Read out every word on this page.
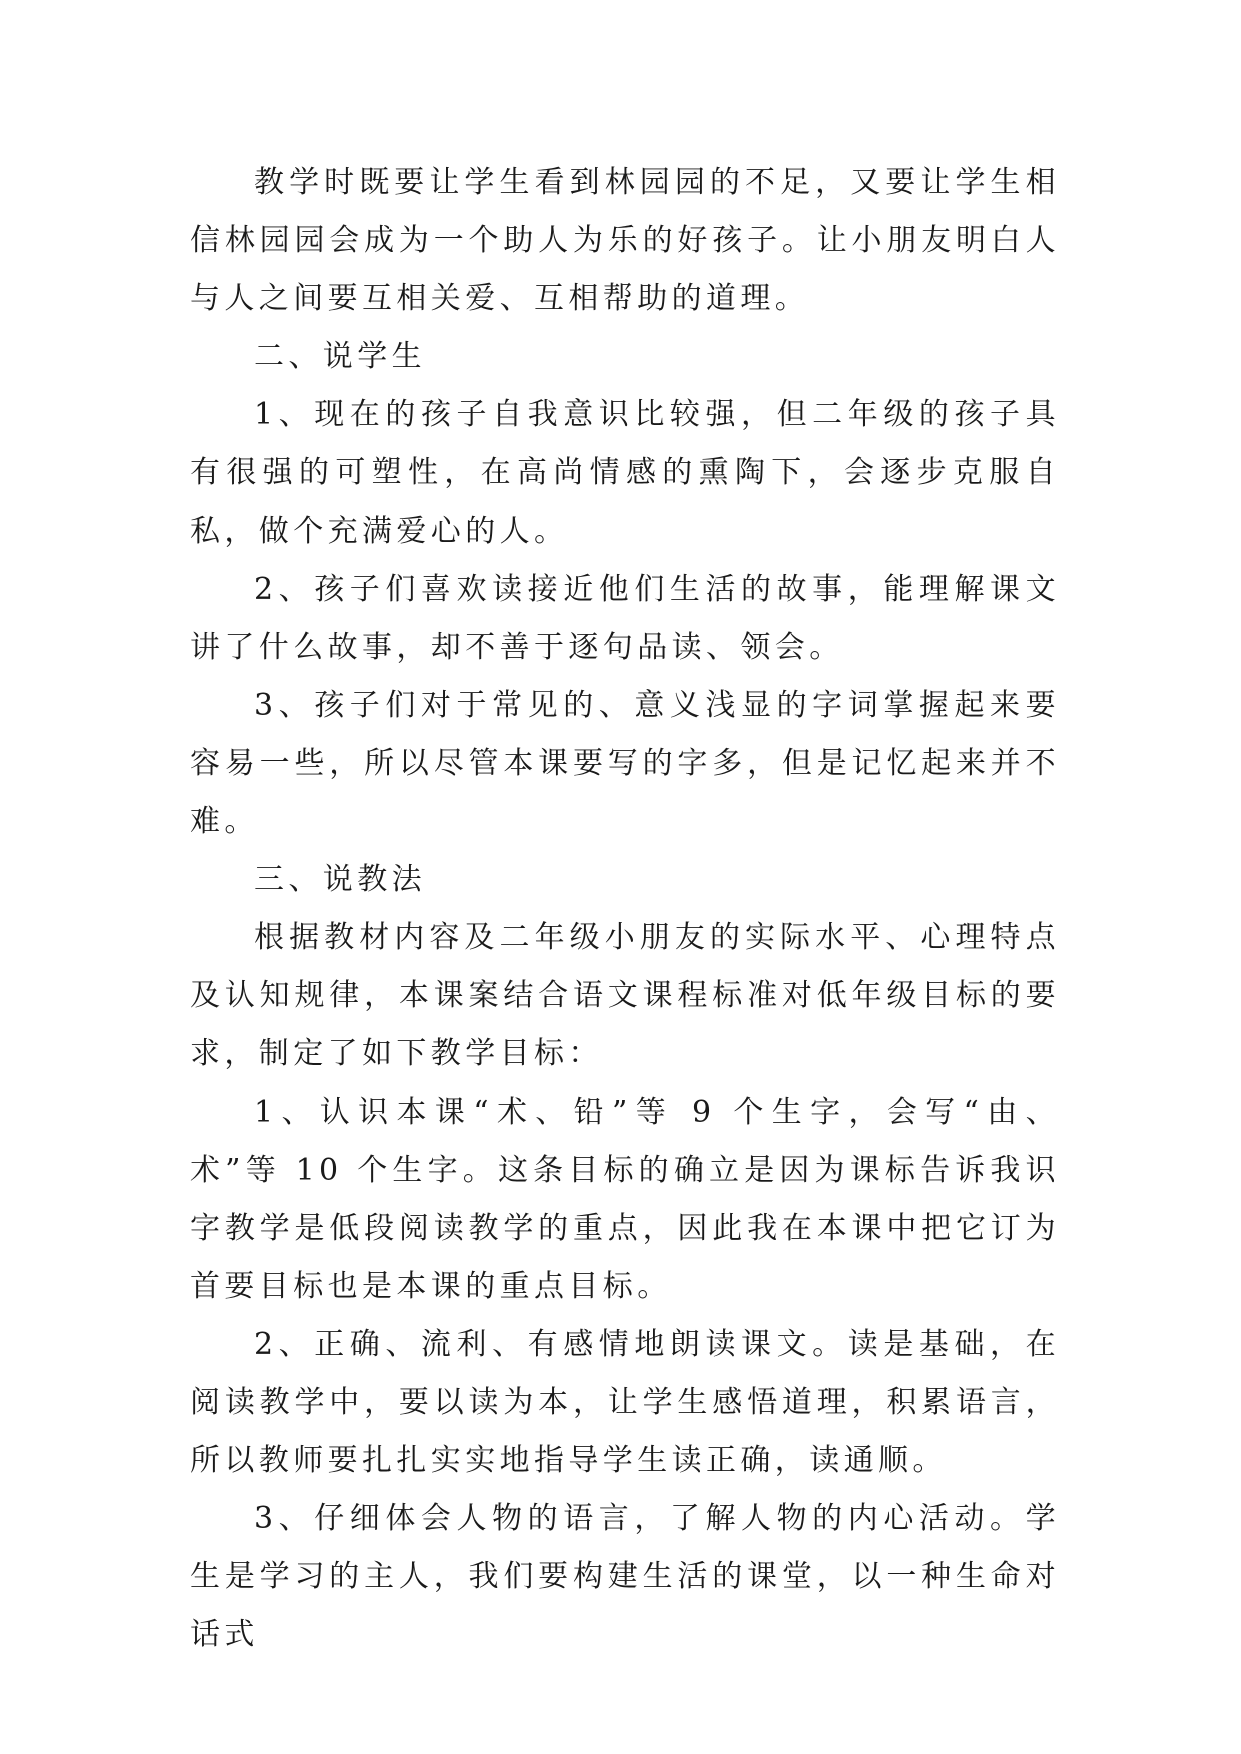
教学时既要让学生看到林园园的不足，又要让学生相信林园园会成为一个助人为乐的好孩子。让小朋友明白人与人之间要互相关爱、互相帮助的道理。

二、说学生

1、现在的孩子自我意识比较强，但二年级的孩子具有很强的可塑性，在高尚情感的熏陶下，会逐步克服自私，做个充满爱心的人。

2、孩子们喜欢读接近他们生活的故事，能理解课文讲了什么故事，却不善于逐句品读、领会。

3、孩子们对于常见的、意义浅显的字词掌握起来要容易一些，所以尽管本课要写的字多，但是记忆起来并不难。

三、说教法

根据教材内容及二年级小朋友的实际水平、心理特点及认知规律，本课案结合语文课程标准对低年级目标的要求，制定了如下教学目标：

1、认识本课“术、铅”等 9 个生字，会写“由、术”等 10 个生字。这条目标的确立是因为课标告诉我识字教学是低段阅读教学的重点，因此我在本课中把它订为首要目标也是本课的重点目标。

2、正确、流利、有感情地朗读课文。读是基础，在阅读教学中，要以读为本，让学生感悟道理，积累语言，所以教师要扎扎实实地指导学生读正确，读通顺。

3、仔细体会人物的语言，了解人物的内心活动。学生是学习的主人，我们要构建生活的课堂，以一种生命对话式
